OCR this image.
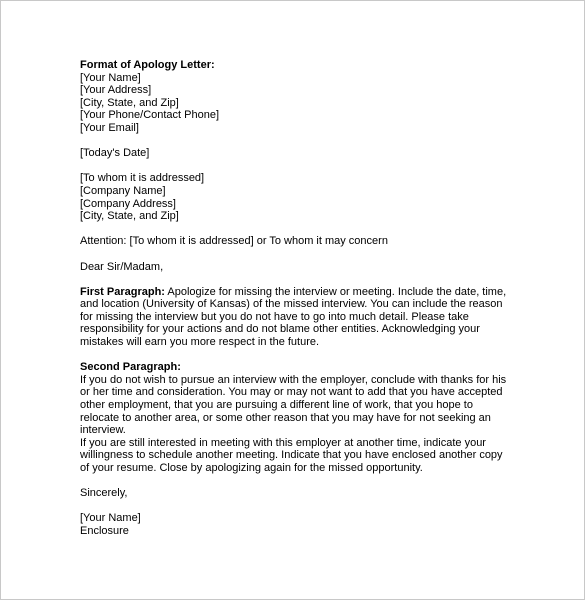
Format of Apology Letter:
[Your Name]
[Your Address]
[City, State, and Zip]
[Your Phone/Contact Phone]
[Your Email]
[Today's Date]
[To whom it is addressed]
[Company Name]
[Company Address]
[City, State, and Zip]
Attention: [To whom it is addressed] or To whom it may concern
Dear Sir/Madam,
First Paragraph: Apologize for missing the interview or meeting. Include the date, time,
and location (University of Kansas) of the missed interview. You can include the reason
for missing the interview but you do not have to go into much detail. Please take
responsibility for your actions and do not blame other entities. Acknowledging your
mistakes will earn you more respect in the future.
Second Paragraph:
If you do not wish to pursue an interview with the employer, conclude with thanks for his
or her time and consideration. You may or may not want to add that you have accepted
other employment, that you are pursuing a different line of work, that you hope to
relocate to another area, or some other reason that you may have for not seeking an
interview.
If you are still interested in meeting with this employer at another time, indicate your
willingness to schedule another meeting. Indicate that you have enclosed another copy
of your resume. Close by apologizing again for the missed opportunity.
Sincerely,
[Your Name]
Enclosure
